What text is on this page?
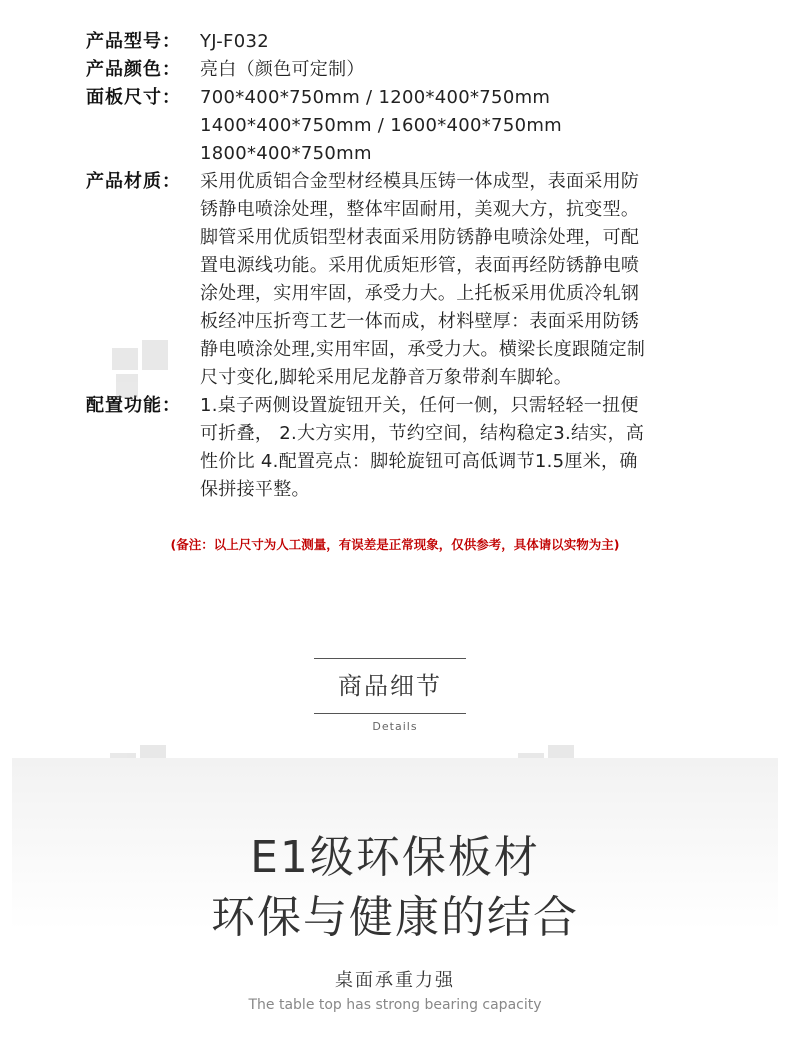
产品型号：	YJ-F032
产品颜色：	亮白（颜色可定制）
面板尺寸：	700*400*750mm / 1200*400*750mm
1400*400*750mm / 1600*400*750mm
1800*400*750mm
产品材质：	采用优质铝合金型材经模具压铸一体成型，表面采用防
锈静电喷涂处理，整体牢固耐用，美观大方，抗变型。
脚管采用优质铝型材表面采用防锈静电喷涂处理，可配
置电源线功能。采用优质矩形管，表面再经防锈静电喷
涂处理，实用牢固，承受力大。上托板采用优质冷轧钢
板经冲压折弯工艺一体而成，材料壁厚：表面采用防锈
静电喷涂处理,实用牢固，承受力大。横梁长度跟随定制
尺寸变化,脚轮采用尼龙静音万象带刹车脚轮。
配置功能：	1.桌子两侧设置旋钮开关，任何一侧，只需轻轻一扭便
可折叠， 2.大方实用，节约空间，结构稳定3.结实，高
性价比 4.配置亮点：脚轮旋钮可高低调节1.5厘米，确
保拼接平整。
(备注：以上尺寸为人工测量，有误差是正常现象，仅供参考，具体请以实物为主)
商品细节
Details
E1级环保板材
环保与健康的结合
桌面承重力强
The table top has strong bearing capacity
